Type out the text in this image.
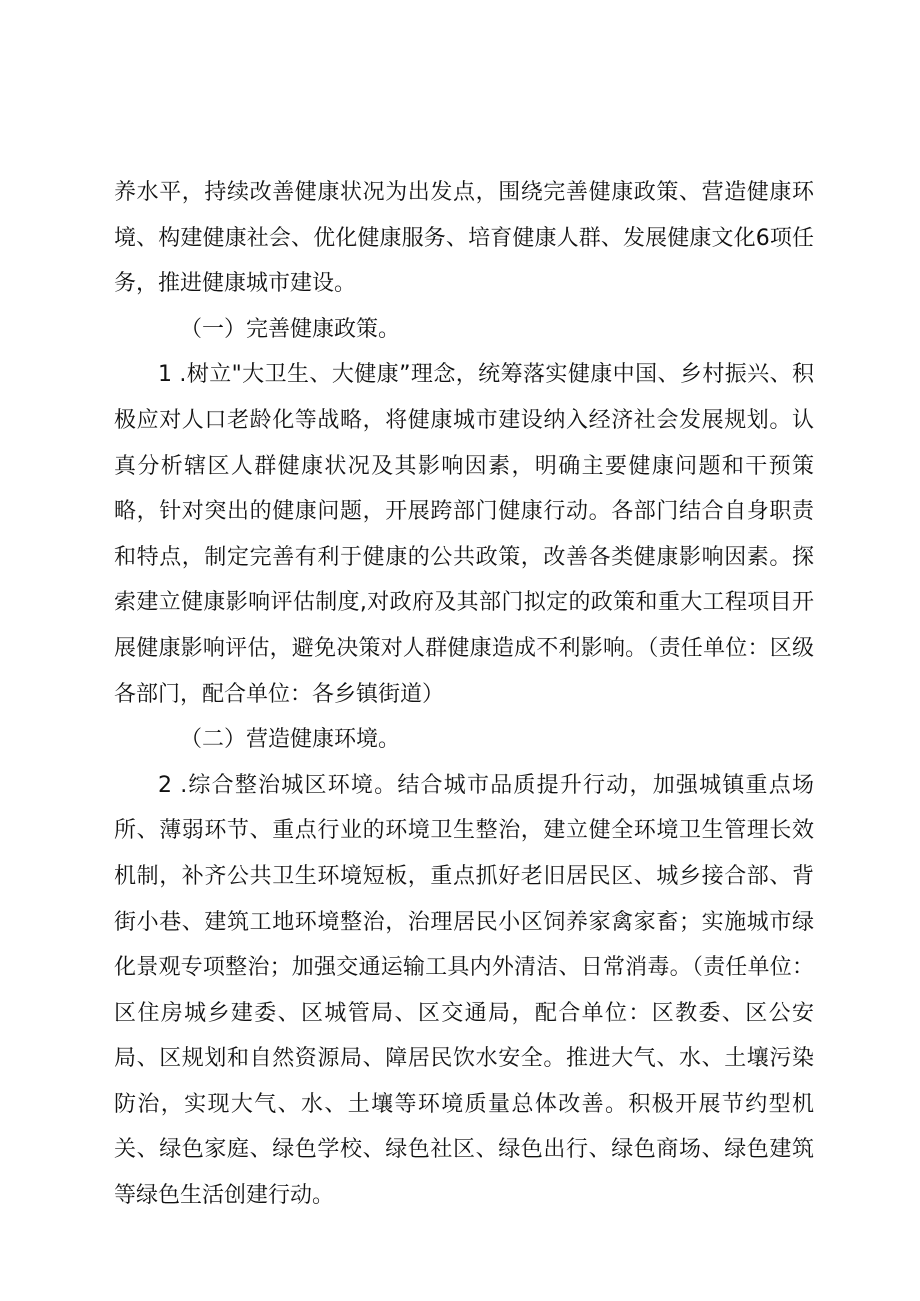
养水平，持续改善健康状况为出发点，围绕完善健康政策、营造健康环境、构建健康社会、优化健康服务、培育健康人群、发展健康文化6项任务，推进健康城市建设。

（一）完善健康政策。

1 .树立"大卫生、大健康”理念，统筹落实健康中国、乡村振兴、积极应对人口老龄化等战略，将健康城市建设纳入经济社会发展规划。认真分析辖区人群健康状况及其影响因素，明确主要健康问题和干预策略，针对突出的健康问题，开展跨部门健康行动。各部门结合自身职责和特点，制定完善有利于健康的公共政策，改善各类健康影响因素。探索建立健康影响评估制度,对政府及其部门拟定的政策和重大工程项目开展健康影响评估，避免决策对人群健康造成不利影响。（责任单位：区级各部门，配合单位：各乡镇街道）

（二）营造健康环境。

2 .综合整治城区环境。结合城市品质提升行动，加强城镇重点场所、薄弱环节、重点行业的环境卫生整治，建立健全环境卫生管理长效机制，补齐公共卫生环境短板，重点抓好老旧居民区、城乡接合部、背街小巷、建筑工地环境整治，治理居民小区饲养家禽家畜；实施城市绿化景观专项整治；加强交通运输工具内外清洁、日常消毒。（责任单位：区住房城乡建委、区城管局、区交通局，配合单位：区教委、区公安局、区规划和自然资源局、障居民饮水安全。推进大气、水、土壤污染防治，实现大气、水、土壤等环境质量总体改善。积极开展节约型机关、绿色家庭、绿色学校、绿色社区、绿色出行、绿色商场、绿色建筑等绿色生活创建行动。
